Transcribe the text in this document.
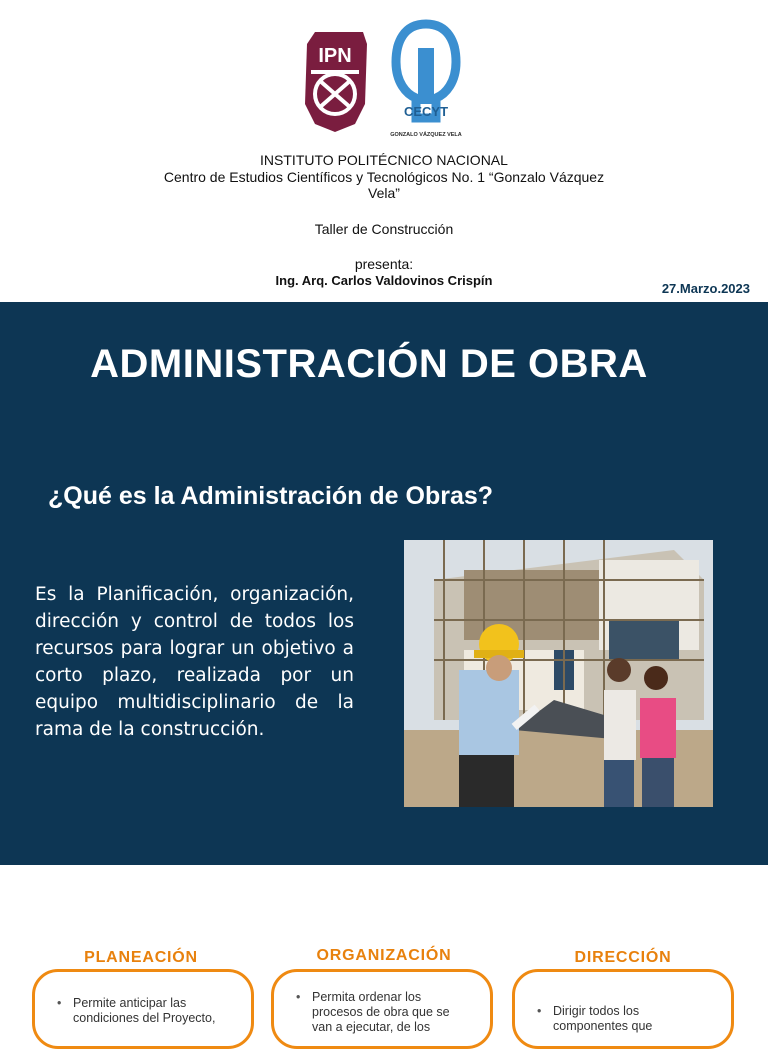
IPN
CECYT
GONZALO VÁZQUEZ VELA
INSTITUTO POLITÉCNICO NACIONAL
Centro de Estudios Científicos y Tecnológicos No. 1 “Gonzalo Vázquez Vela”
Taller de Construcción
presenta:
Ing. Arq. Carlos Valdovinos Crispín
27.Marzo.2023
ADMINISTRACIÓN DE OBRA
¿Qué es la Administración de Obras?

Es la Planificación, organización, dirección y control de todos los recursos para lograr un objetivo a corto plazo, realizada por un equipo multidisciplinario de la rama de la construcción.

PLANEACIÓN	ORGANIZACIÓN	DIRECCIÓN
• Permite anticipar las condiciones del Proyecto,
• Permita ordenar los procesos de obra que se van a ejecutar, de los
• Dirigir todos los componentes que
